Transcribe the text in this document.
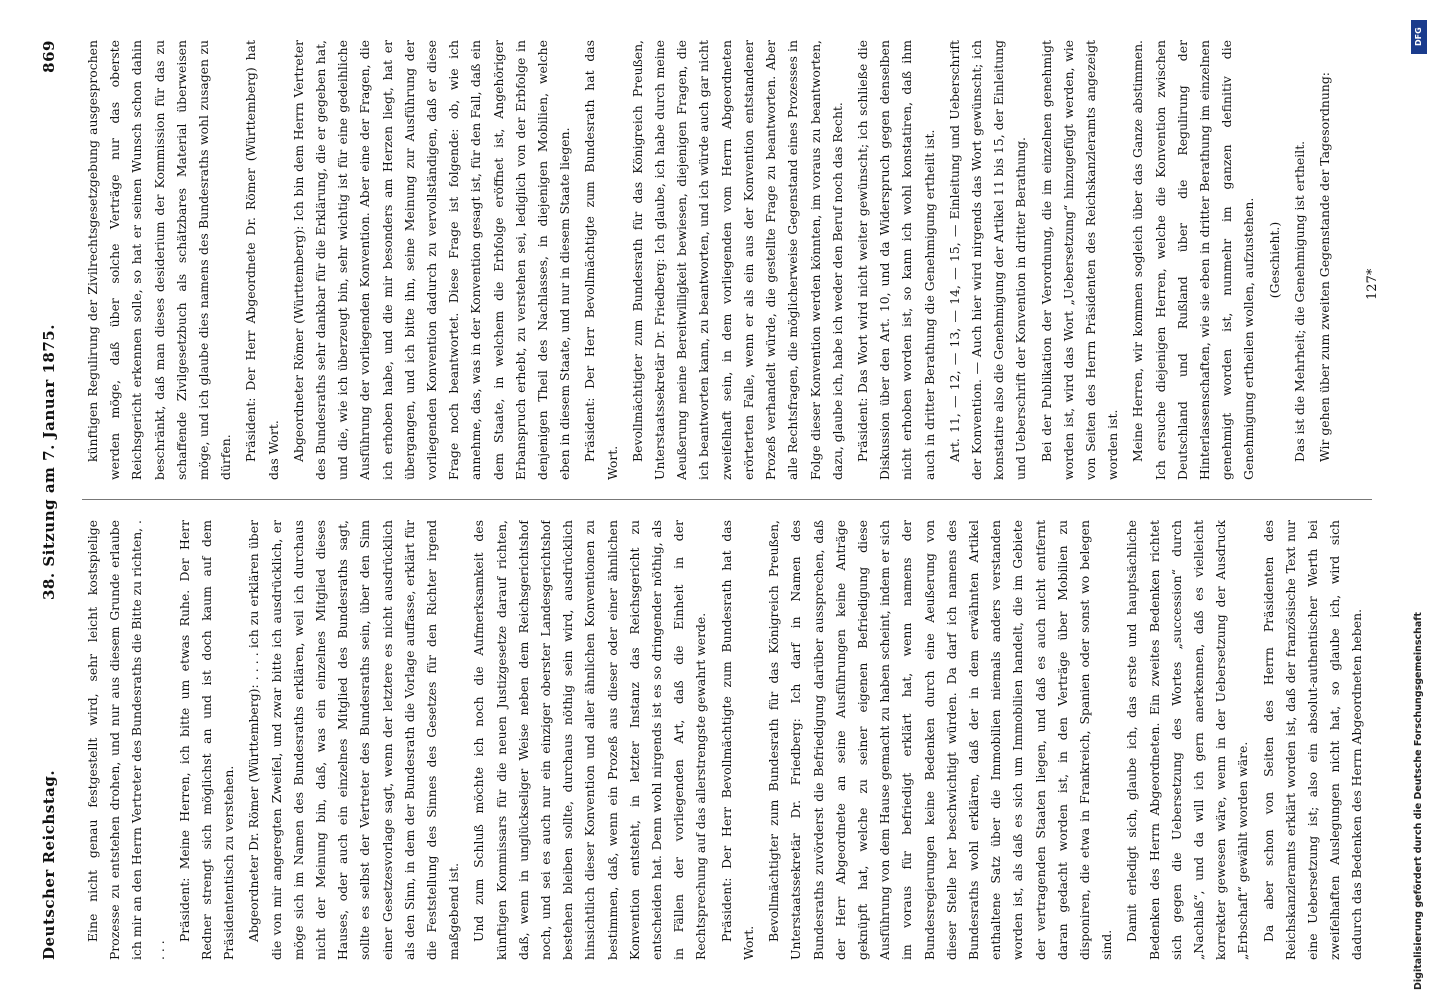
Deutscher Reichstag.
38. Sitzung am 7. Januar 1875.
869

Eine nicht genau festgestellt wird, sehr leicht kostspielige Prozesse zu entstehen drohen, und nur aus diesem Grunde erlaube ich mir an den Herrn Vertreter des Bundesraths die Bitte zu richten, . . . .

Präsident: Meine Herren, ich bitte um etwas Ruhe. Der Herr Redner strengt sich möglichst an und ist doch kaum auf dem Präsidententisch zu verstehen. Abgeordneter Dr. Römer (Württemberg): . . . . ich zu erklären über die von mir angeregten Zweifel, und zwar bitte ich ausdrücklich, er möge sich im Namen des Bundesraths erklären, weil ich durchaus nicht der Meinung bin, daß, was ein einzelnes Mitglied dieses Hauses, oder auch ein einzelnes Mitglied des Bundesraths sagt, sollte es selbst der Vertreter des Bundesraths sein, über den Sinn einer Gesetzesvorlage sagt, wenn der letztere es nicht ausdrücklich als den Sinn, in dem der Bundesrath die Vorlage auffasse, erklärt für die Feststellung des Sinnes des Gesetzes für den Richter irgend maßgebend ist. Und zum Schluß möchte ich noch die Aufmerksamkeit des künftigen Kommissars für die neuen Justizgesetze darauf richten, daß, wenn in unglückseliger Weise neben dem Reichsgerichtshof noch, und sei es auch nur ein einziger oberster Landesgerichtshof bestehen bleiben sollte, durchaus nöthig sein wird, ausdrücklich hinsichtlich dieser Konvention und aller ähnlichen Konventionen zu bestimmen, daß, wenn ein Prozeß aus dieser oder einer ähnlichen Konvention entsteht, in letzter Instanz das Reichsgericht zu entscheiden hat. Denn wohl nirgends ist es so dringender nöthig, als in Fällen der vorliegenden Art, daß die Einheit in der Rechtsprechung auf das allerstrengste gewahrt werde. Präsident: Der Herr Bevollmächtigte zum Bundesrath hat das Wort.

Bevollmächtigter zum Bundesrath für das Königreich Preußen, Unterstaatssekretär Dr. Friedberg: Ich darf in Namen des Bundesraths zuvörderst die Befriedigung darüber aussprechen, daß der Herr Abgeordnete an seine Ausführungen keine Anträge geknüpft hat, welche zu seiner eigenen Befriedigung diese Ausführung von dem Hause gemacht zu haben scheint, indem er sich im voraus für befriedigt erklärt hat, wenn namens der Bundesregierungen keine Bedenken durch eine Aeußerung von dieser Stelle her beschwichtigt würden. Da darf ich namens des Bundesraths wohl erklären, daß der in dem erwähnten Artikel enthaltene Satz über die Immobilien niemals anders verstanden worden ist, als daß es sich um Immobilien handelt, die im Gebiete der vertragenden Staaten liegen, und daß es auch nicht entfernt daran gedacht worden ist, in den Verträge über Mobilien zu disponiren, die etwa in Frankreich, Spanien oder sonst wo belegen sind.

Damit erledigt sich, glaube ich, das erste und hauptsächliche Bedenken des Herrn Abgeordneten. Ein zweites Bedenken richtet sich gegen die Uebersetzung des Wortes „succession“ durch „Nachlaß“, und da will ich gern anerkennen, daß es vielleicht korrekter gewesen wäre, wenn in der Uebersetzung der Ausdruck „Erbschaft“ gewählt worden wäre. Da aber schon von Seiten des Herrn Präsidenten des Reichskanzleramts erklärt worden ist, daß der französische Text nur eine Uebersetzung ist; also ein absolut-authentischer Werth bei zweifelhaften Auslegungen nicht hat, so glaube ich, wird sich dadurch das Bedenken des Herrn Abgeordneten heben.

künftigen Regulirung der Zivilrechtsgesetzgebung ausgesprochen werden möge, daß über solche Verträge nur das oberste Reichsgericht erkennen solle, so hat er seinen Wunsch schon dahin beschränkt, daß man dieses desiderium der Kommission für das zu schaffende Zivilgesetzbuch als schätzbares Material überweisen möge, und ich glaube dies namens des Bundesraths wohl zusagen zu dürfen. Präsident: Der Herr Abgeordnete Dr. Römer (Württemberg) hat das Wort. Abgeordneter Römer (Württemberg): Ich bin dem Herrn Vertreter des Bundesraths sehr dankbar für die Erklärung, die er gegeben hat, und die, wie ich überzeugt bin, sehr wichtig ist für eine gedeihliche Ausführung der vorliegenden Konvention. Aber eine der Fragen, die ich erhoben habe, und die mir besonders am Herzen liegt, hat er übergangen, und ich bitte ihn, seine Meinung zur Ausführung der vorliegenden Konvention dadurch zu vervollständigen, daß er diese Frage noch beantwortet. Diese Frage ist folgende: ob, wie ich annehme, das, was in der Konvention gesagt ist, für den Fall, daß ein dem Staate, in welchem die Erbfolge eröffnet ist, Angehöriger Erbanspruch erhebt, zu verstehen sei, lediglich von der Erbfolge in denjenigen Theil des Nachlasses, in diejenigen Mobilien, welche eben in diesem Staate, und nur in diesem Staate liegen. Präsident: Der Herr Bevollmächtigte zum Bundesrath hat das Wort.

Bevollmächtigter zum Bundesrath für das Königreich Preußen, Unterstaatssekretär Dr. Friedberg: Ich glaube, ich habe durch meine Aeußerung meine Bereitwilligkeit bewiesen, diejenigen Fragen, die ich beantworten kann, zu beantworten, und ich würde auch gar nicht zweifelhaft sein, in dem vorliegenden vom Herrn Abgeordneten erörterten Falle, wenn er als ein aus der Konvention entstandener Prozeß verhandelt würde, die gestellte Frage zu beantworten. Aber alle Rechtsfragen, die möglicherweise Gegenstand eines Prozesses in Folge dieser Konvention werden könnten, im voraus zu beantworten, dazu, glaube ich, habe ich weder den Beruf noch das Recht. Präsident: Das Wort wird nicht weiter gewünscht; ich schließe die Diskussion über den Art. 10, und da Widerspruch gegen denselben nicht erhoben worden ist, so kann ich wohl konstatiren, daß ihm auch in dritter Berathung die Genehmigung ertheilt ist. Art. 11, — 12, — 13, — 14, — 15, — Einleitung und Ueberschrift der Konvention. — Auch hier wird nirgends das Wort gewünscht; ich konstatire also die Genehmigung der Artikel 11 bis 15, der Einleitung und Ueberschrift der Konvention in dritter Berathung. Bei der Publikation der Verordnung, die im einzelnen genehmigt worden ist, wird das Wort „Uebersetzung“ hinzugefügt werden, wie von Seiten des Herrn Präsidenten des Reichskanzleramts angezeigt worden ist. Meine Herren, wir kommen sogleich über das Ganze abstimmen. Ich ersuche diejenigen Herren, welche die Konvention zwischen Deutschland und Rußland über die Regulirung der Hinterlassenschaften, wie sie eben in dritter Berathung im einzelnen genehmigt worden ist, nunmehr im ganzen definitiv die Genehmigung ertheilen wollen, aufzustehen. (Geschieht.) Das ist die Mehrheit; die Genehmigung ist ertheilt. Wir gehen über zum zweiten Gegenstande der Tagesordnung:	127*
Digitalisierung gefördert durch die Deutsche Forschungsgemeinschaft
DFG
